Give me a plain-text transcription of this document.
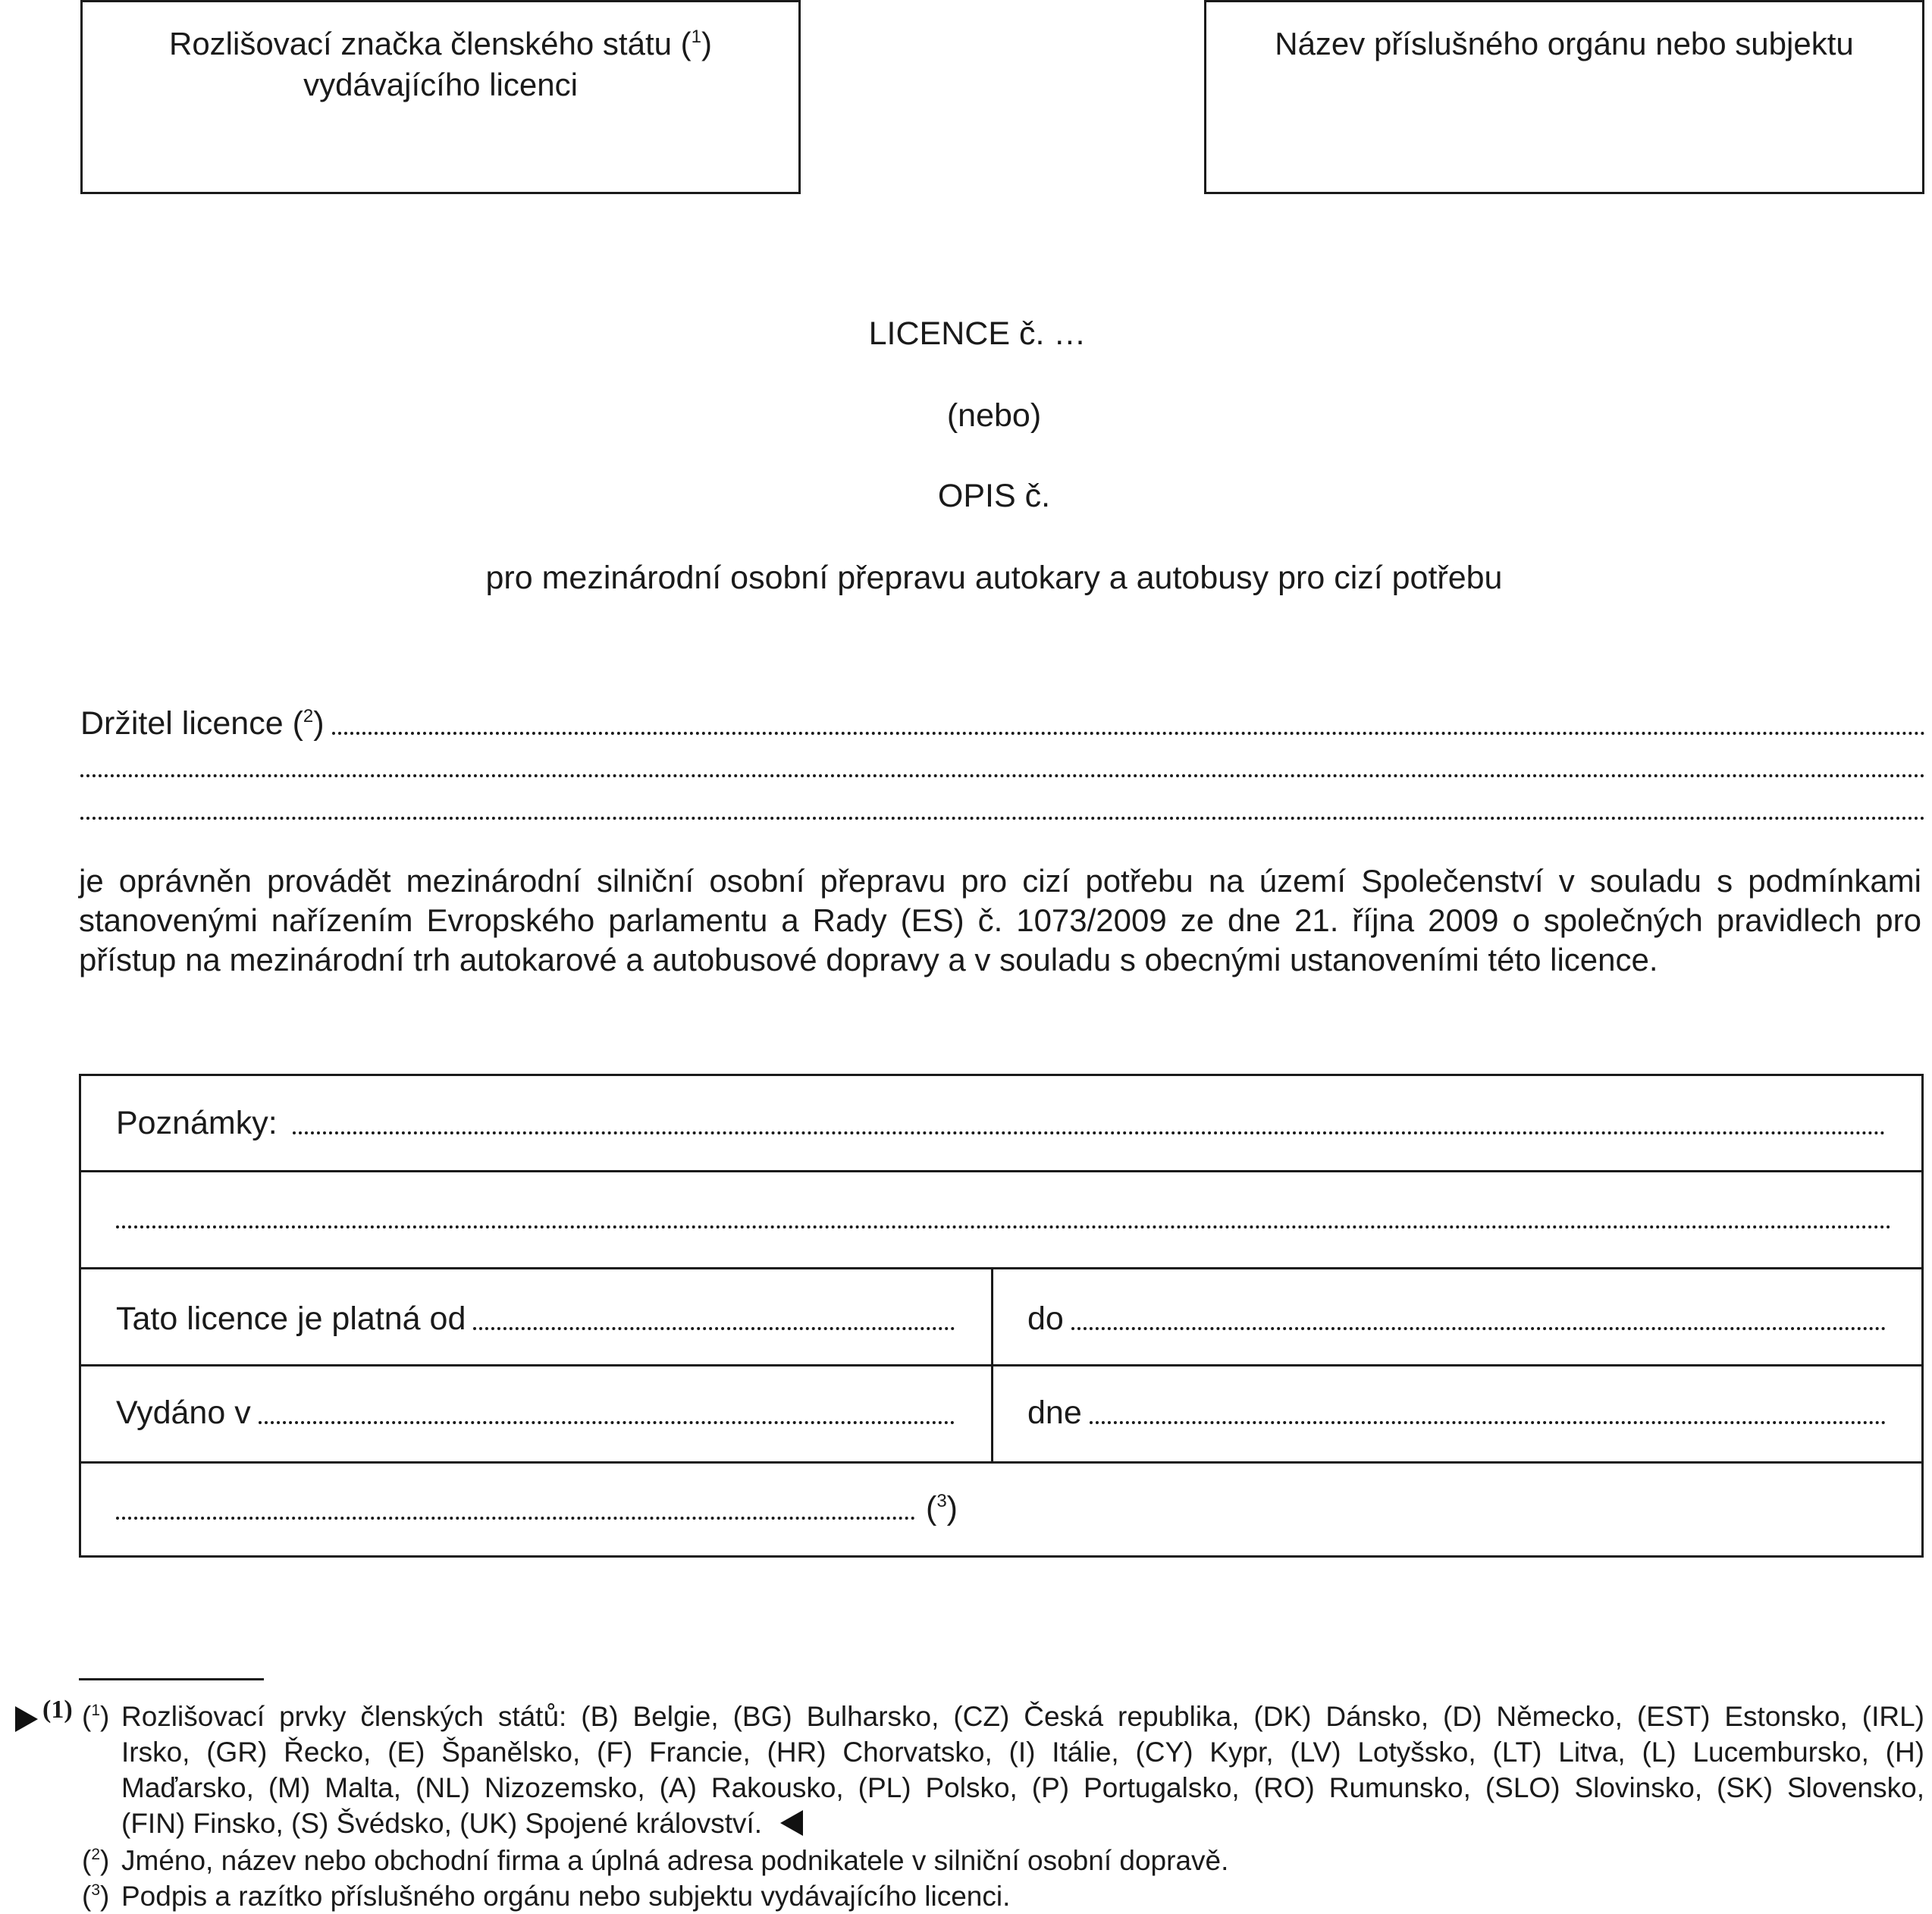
Rozlišovací značka členského státu ($^1$)
vydávajícího licenci
Název příslušného orgánu nebo subjektu
LICENCE č. …
(nebo)
OPIS č.
pro mezinárodní osobní přepravu autokary a autobusy pro cizí potřebu
Držitel licence ($^2$)
je oprávněn provádět mezinárodní silniční osobní přepravu pro cizí potřebu na území Společenství v souladu s podmínkami
stanovenými nařízením Evropského parlamentu a Rady (ES) č. 1073/2009 ze dne 21. října 2009 o společných pravidlech pro
přístup na mezinárodní trh autokarové a autobusové dopravy a v souladu s obecnými ustanoveními této licence.
Poznámky:
Tato licence je platná od	do
Vydáno v	dne
($^3$)
(1) ($^1$) Rozlišovací prvky členských států: (B) Belgie, (BG) Bulharsko, (CZ) Česká republika, (DK) Dánsko, (D) Německo, (EST) Estonsko, (IRL)
Irsko, (GR) Řecko, (E) Španělsko, (F) Francie, (HR) Chorvatsko, (I) Itálie, (CY) Kypr, (LV) Lotyšsko, (LT) Litva, (L) Lucembursko, (H)
Maďarsko, (M) Malta, (NL) Nizozemsko, (A) Rakousko, (PL) Polsko, (P) Portugalsko, (RO) Rumunsko, (SLO) Slovinsko, (SK) Slovensko,
(FIN) Finsko, (S) Švédsko, (UK) Spojené království.
($^2$) Jméno, název nebo obchodní firma a úplná adresa podnikatele v silniční osobní dopravě.
($^3$) Podpis a razítko příslušného orgánu nebo subjektu vydávajícího licenci.
